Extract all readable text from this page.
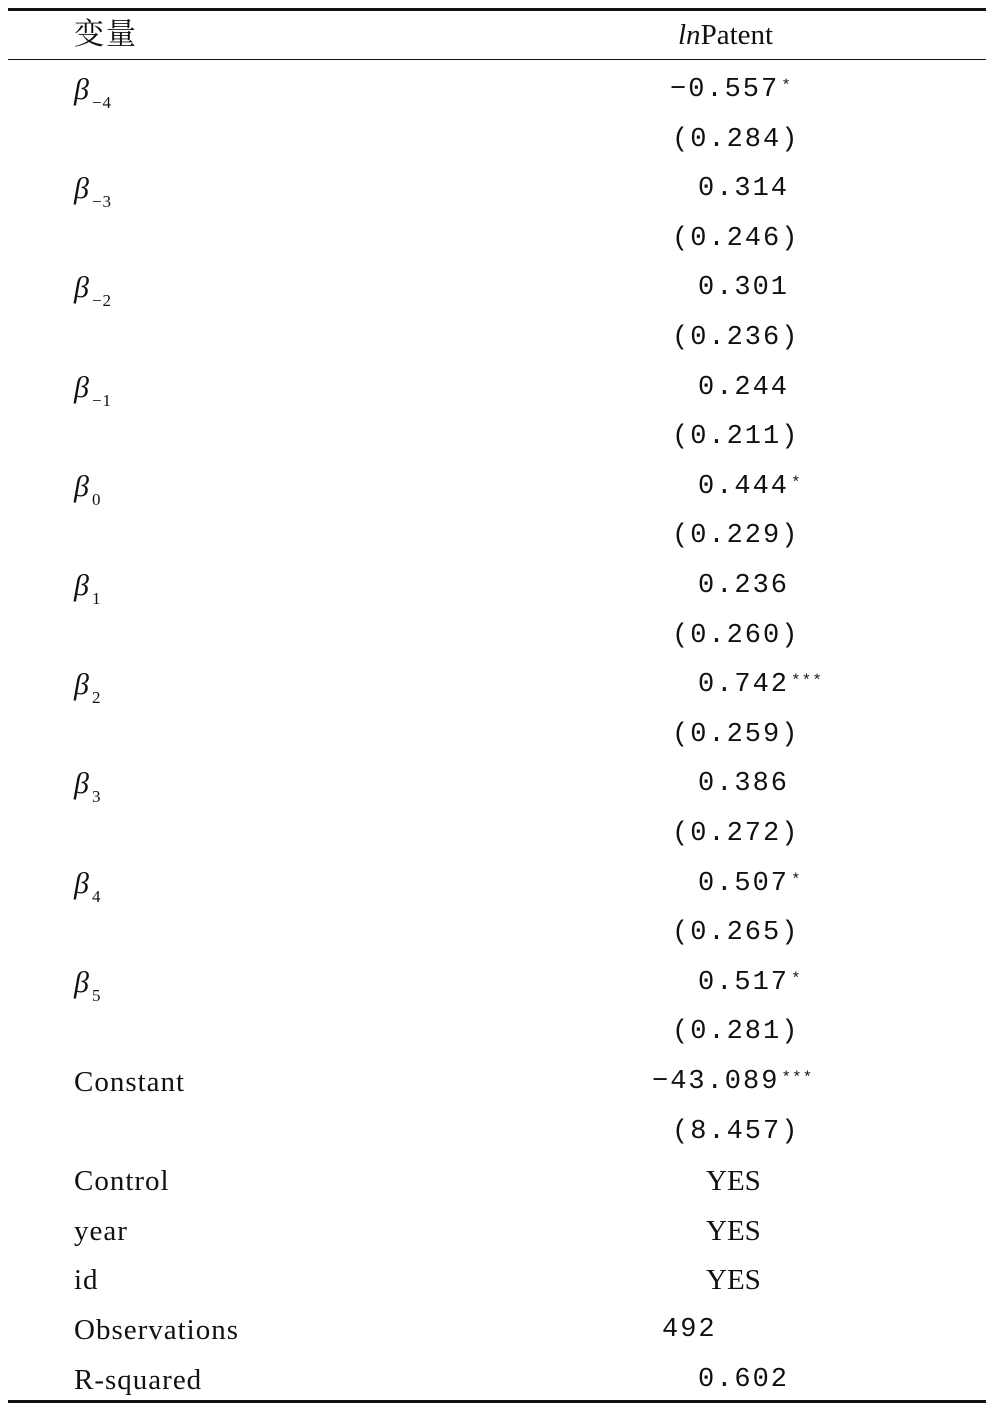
变量	lnPatent
β $_{-4}$	−0.557 *
(0.284)
β $_{-3}$	0.314
(0.246)
β $_{-2}$	0.301
(0.236)
β $_{-1}$	0.244
(0.211)
β $_0$	0.444 *
(0.229)
β $_1$	0.236
(0.260)
β $_2$	0.742 ***
(0.259)
β $_3$	0.386
(0.272)
β $_4$	0.507 *
(0.265)
β $_5$	0.517 *
(0.281)
Constant	−43.089 ***
(8.457)
Control	YES
year	YES
id	YES
Observations	492
R-squared	0.602
